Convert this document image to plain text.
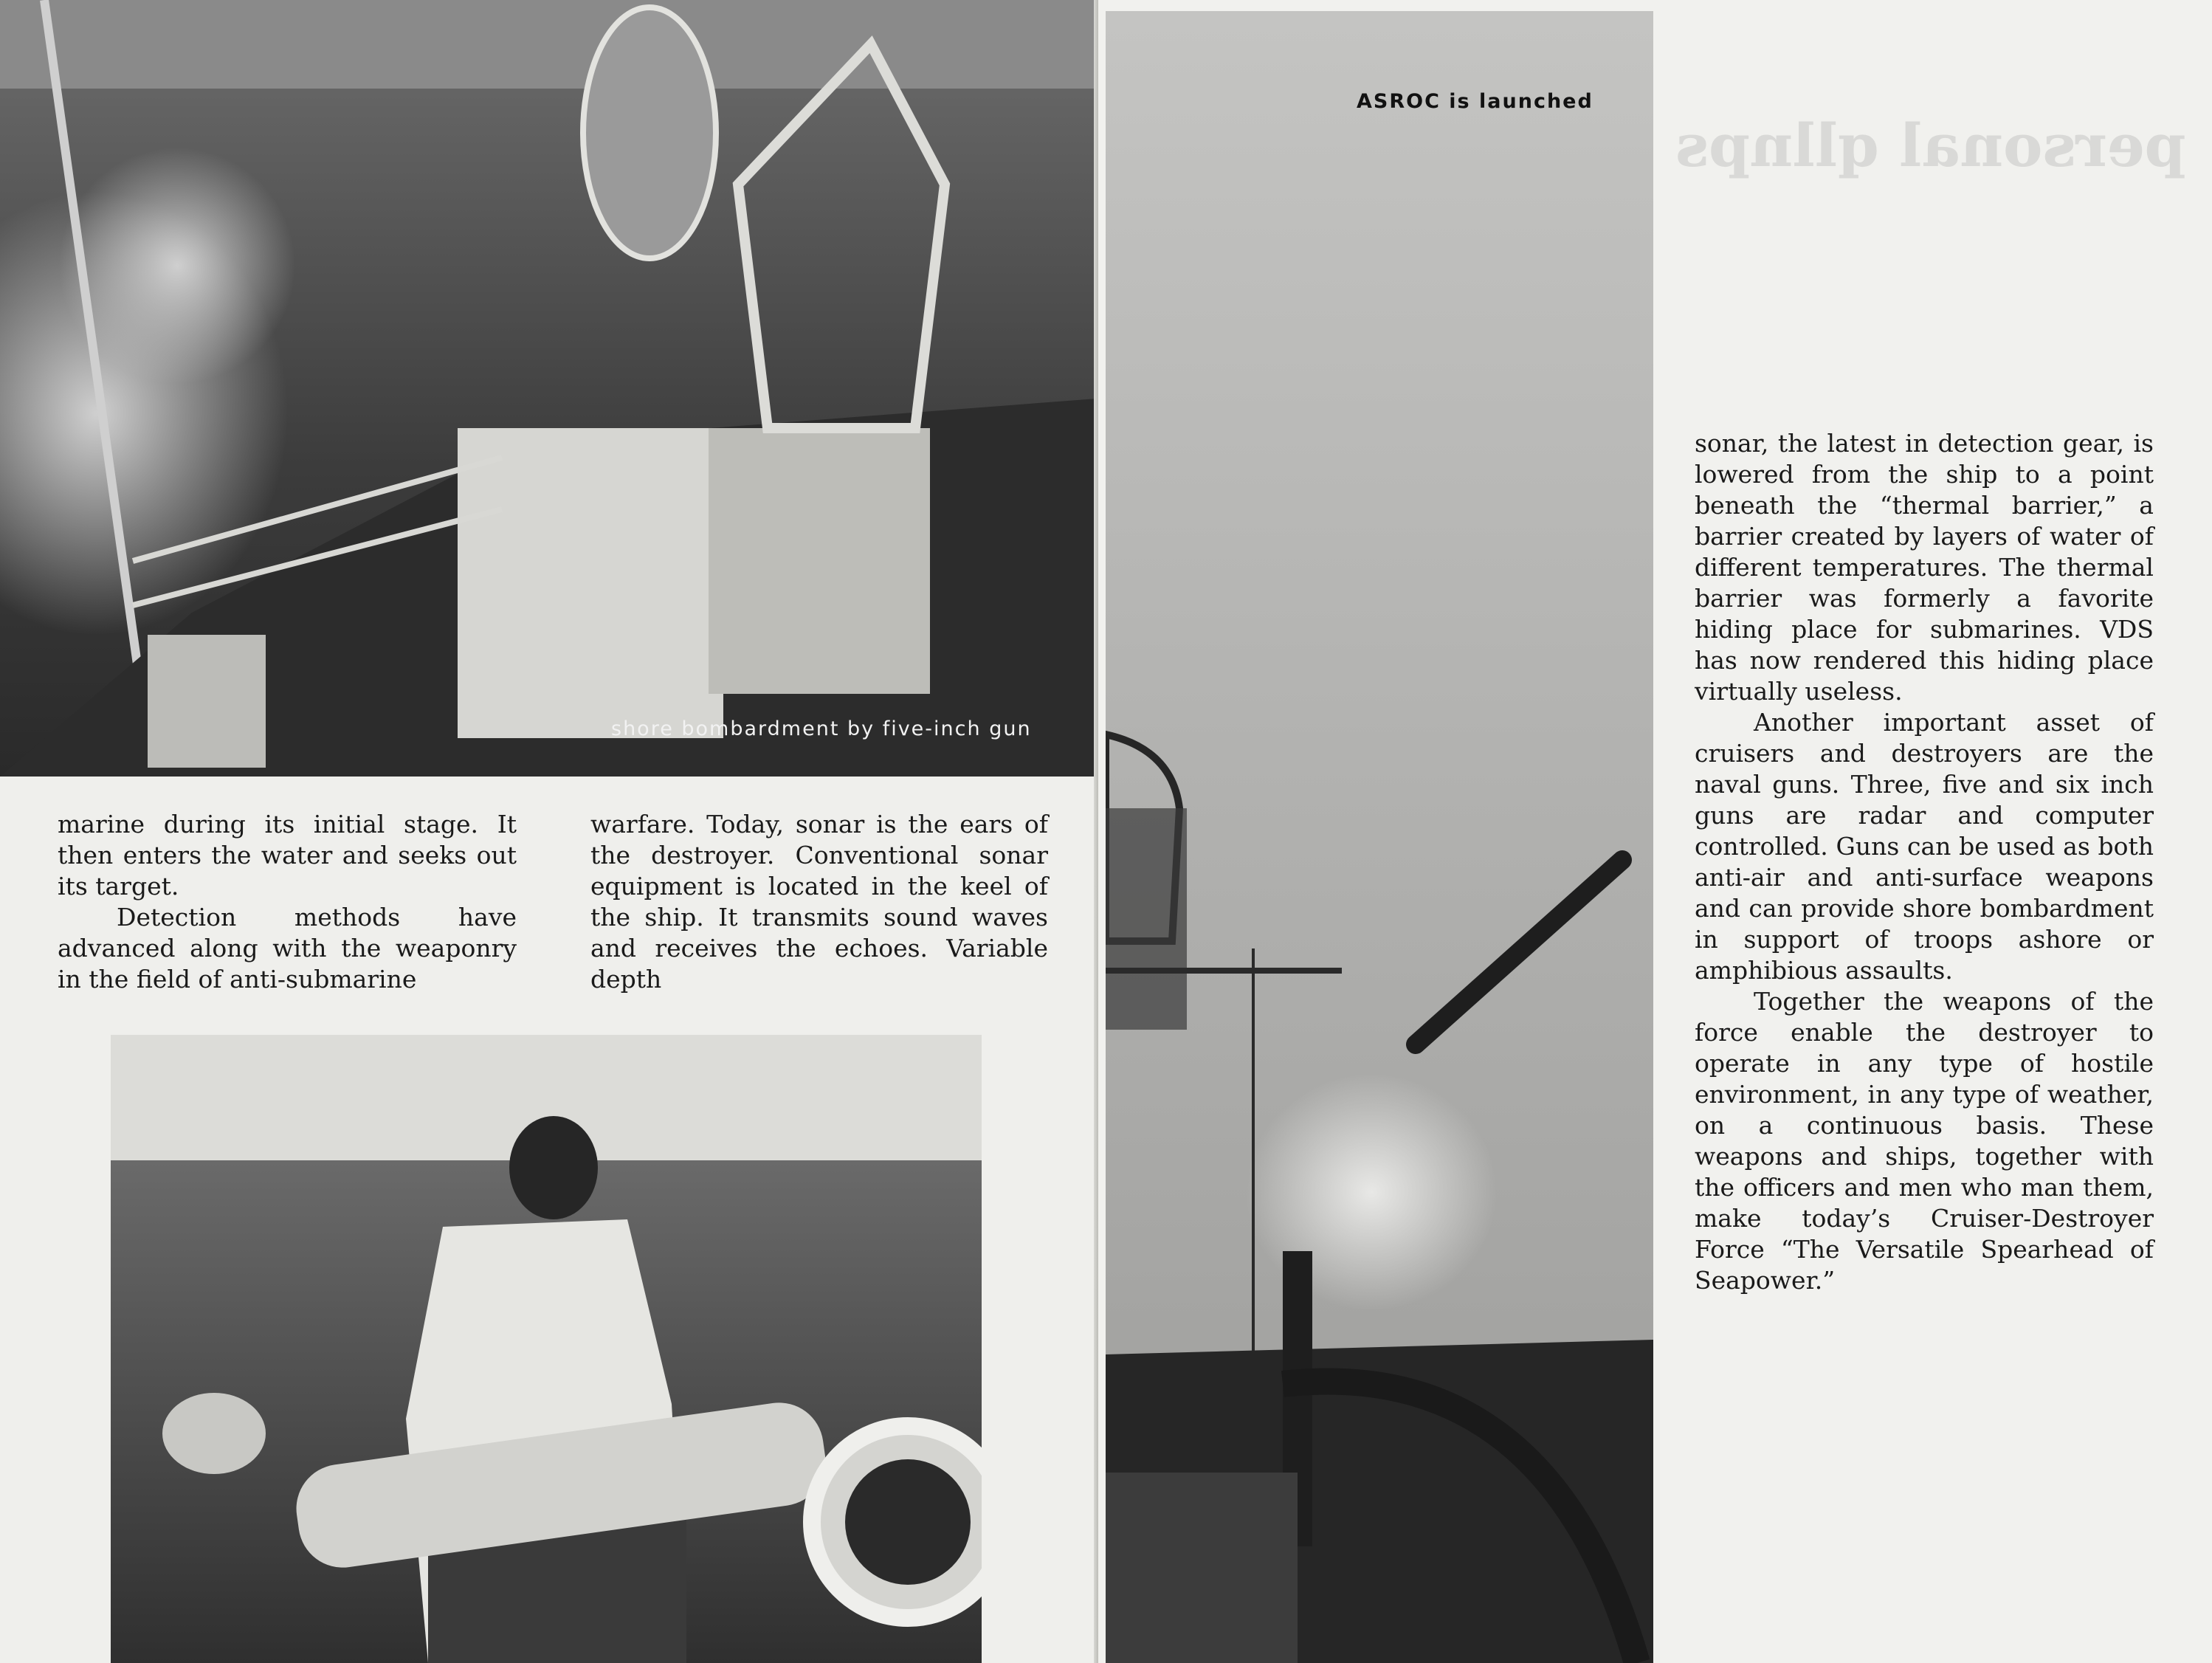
shore bombardment by five-inch gun

marine during its initial stage. It then enters the water and seeks out its target.

Detection methods have advanced along with the weaponry in the field of anti-submarine

warfare. Today, sonar is the ears of the destroyer. Conventional sonar equipment is located in the keel of the ship. It transmits sound waves and receives the echoes. Variable depth

ASROC is launched
personal qllnps

sonar, the latest in detection gear, is lowered from the ship to a point beneath the “thermal barrier,” a barrier created by layers of water of different temperatures. The thermal barrier was formerly a favorite hiding place for submarines. VDS has now rendered this hiding place virtually useless.

Another important asset of cruisers and destroyers are the naval guns. Three, five and six inch guns are radar and computer controlled. Guns can be used as both anti-air and anti-surface weapons and can provide shore bombardment in support of troops ashore or amphibious assaults.

Together the weapons of the force enable the destroyer to operate in any type of hostile environment, in any type of weather, on a continuous basis. These weapons and ships, together with the officers and men who man them, make today’s Cruiser-Destroyer Force “The Versatile Spearhead of Seapower.”
